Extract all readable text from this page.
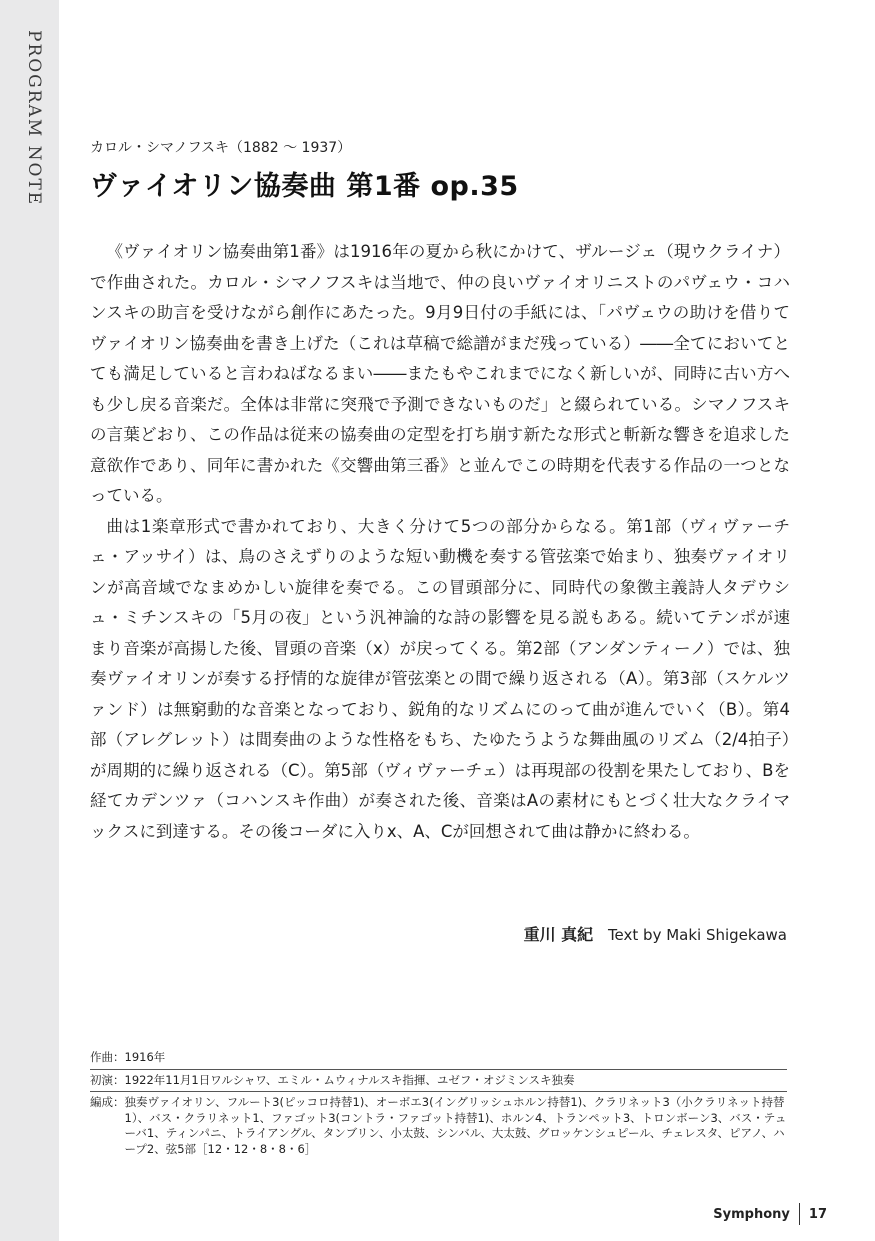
PROGRAM NOTE	カロル・シマノフスキ（1882 〜 1937）
ヴァイオリン協奏曲 第1番 op.35

《ヴァイオリン協奏曲第1番》は1916年の夏から秋にかけて、ザルージェ（現ウクライナ）で作曲された。カロル・シマノフスキは当地で、仲の良いヴァイオリニストのパヴェウ・コハンスキの助言を受けながら創作にあたった。9月9日付の手紙には、「パヴェウの助けを借りてヴァイオリン協奏曲を書き上げた（これは草稿で総譜がまだ残っている）――全てにおいてとても満足していると言わねばなるまい――またもやこれまでになく新しいが、同時に古い方へも少し戻る音楽だ。全体は非常に突飛で予測できないものだ」と綴られている。シマノフスキの言葉どおり、この作品は従来の協奏曲の定型を打ち崩す新たな形式と斬新な響きを追求した意欲作であり、同年に書かれた《交響曲第三番》と並んでこの時期を代表する作品の一つとなっている。

曲は1楽章形式で書かれており、大きく分けて5つの部分からなる。第1部（ヴィヴァーチェ・アッサイ）は、鳥のさえずりのような短い動機を奏する管弦楽で始まり、独奏ヴァイオリンが高音域でなまめかしい旋律を奏でる。この冒頭部分に、同時代の象徴主義詩人タデウシュ・ミチンスキの「5月の夜」という汎神論的な詩の影響を見る説もある。続いてテンポが速まり音楽が高揚した後、冒頭の音楽（x）が戻ってくる。第2部（アンダンティーノ）では、独奏ヴァイオリンが奏する抒情的な旋律が管弦楽との間で繰り返される（A）。第3部（スケルツァンド）は無窮動的な音楽となっており、鋭角的なリズムにのって曲が進んでいく（B）。第4部（アレグレット）は間奏曲のような性格をもち、たゆたうような舞曲風のリズム（2/4拍子）が周期的に繰り返される（C）。第5部（ヴィヴァーチェ）は再現部の役割を果たしており、Bを経てカデンツァ（コハンスキ作曲）が奏された後、音楽はAの素材にもとづく壮大なクライマックスに到達する。その後コーダに入りx、A、Cが回想されて曲は静かに終わる。

重川 真紀 Text by Maki Shigekawa
作曲：1916年
初演：1922年11月1日ワルシャワ、エミル・ムウィナルスキ指揮、ユゼフ・オジミンスキ独奏
編成： 独奏ヴァイオリン、フルート3(ピッコロ持替1)、オーボエ3(イングリッシュホルン持替1)、クラリネット3（小クラリネット持替1）、バス・クラリネット1、ファゴット3(コントラ・ファゴット持替1)、ホルン4、トランペット3、トロンボーン3、バス・テューバ1、ティンパニ、トライアングル、タンブリン、小太鼓、シンバル、大太鼓、グロッケンシュピール、チェレスタ、ピアノ、ハープ2、弦5部［12・12・8・8・6］
Symphony 17
